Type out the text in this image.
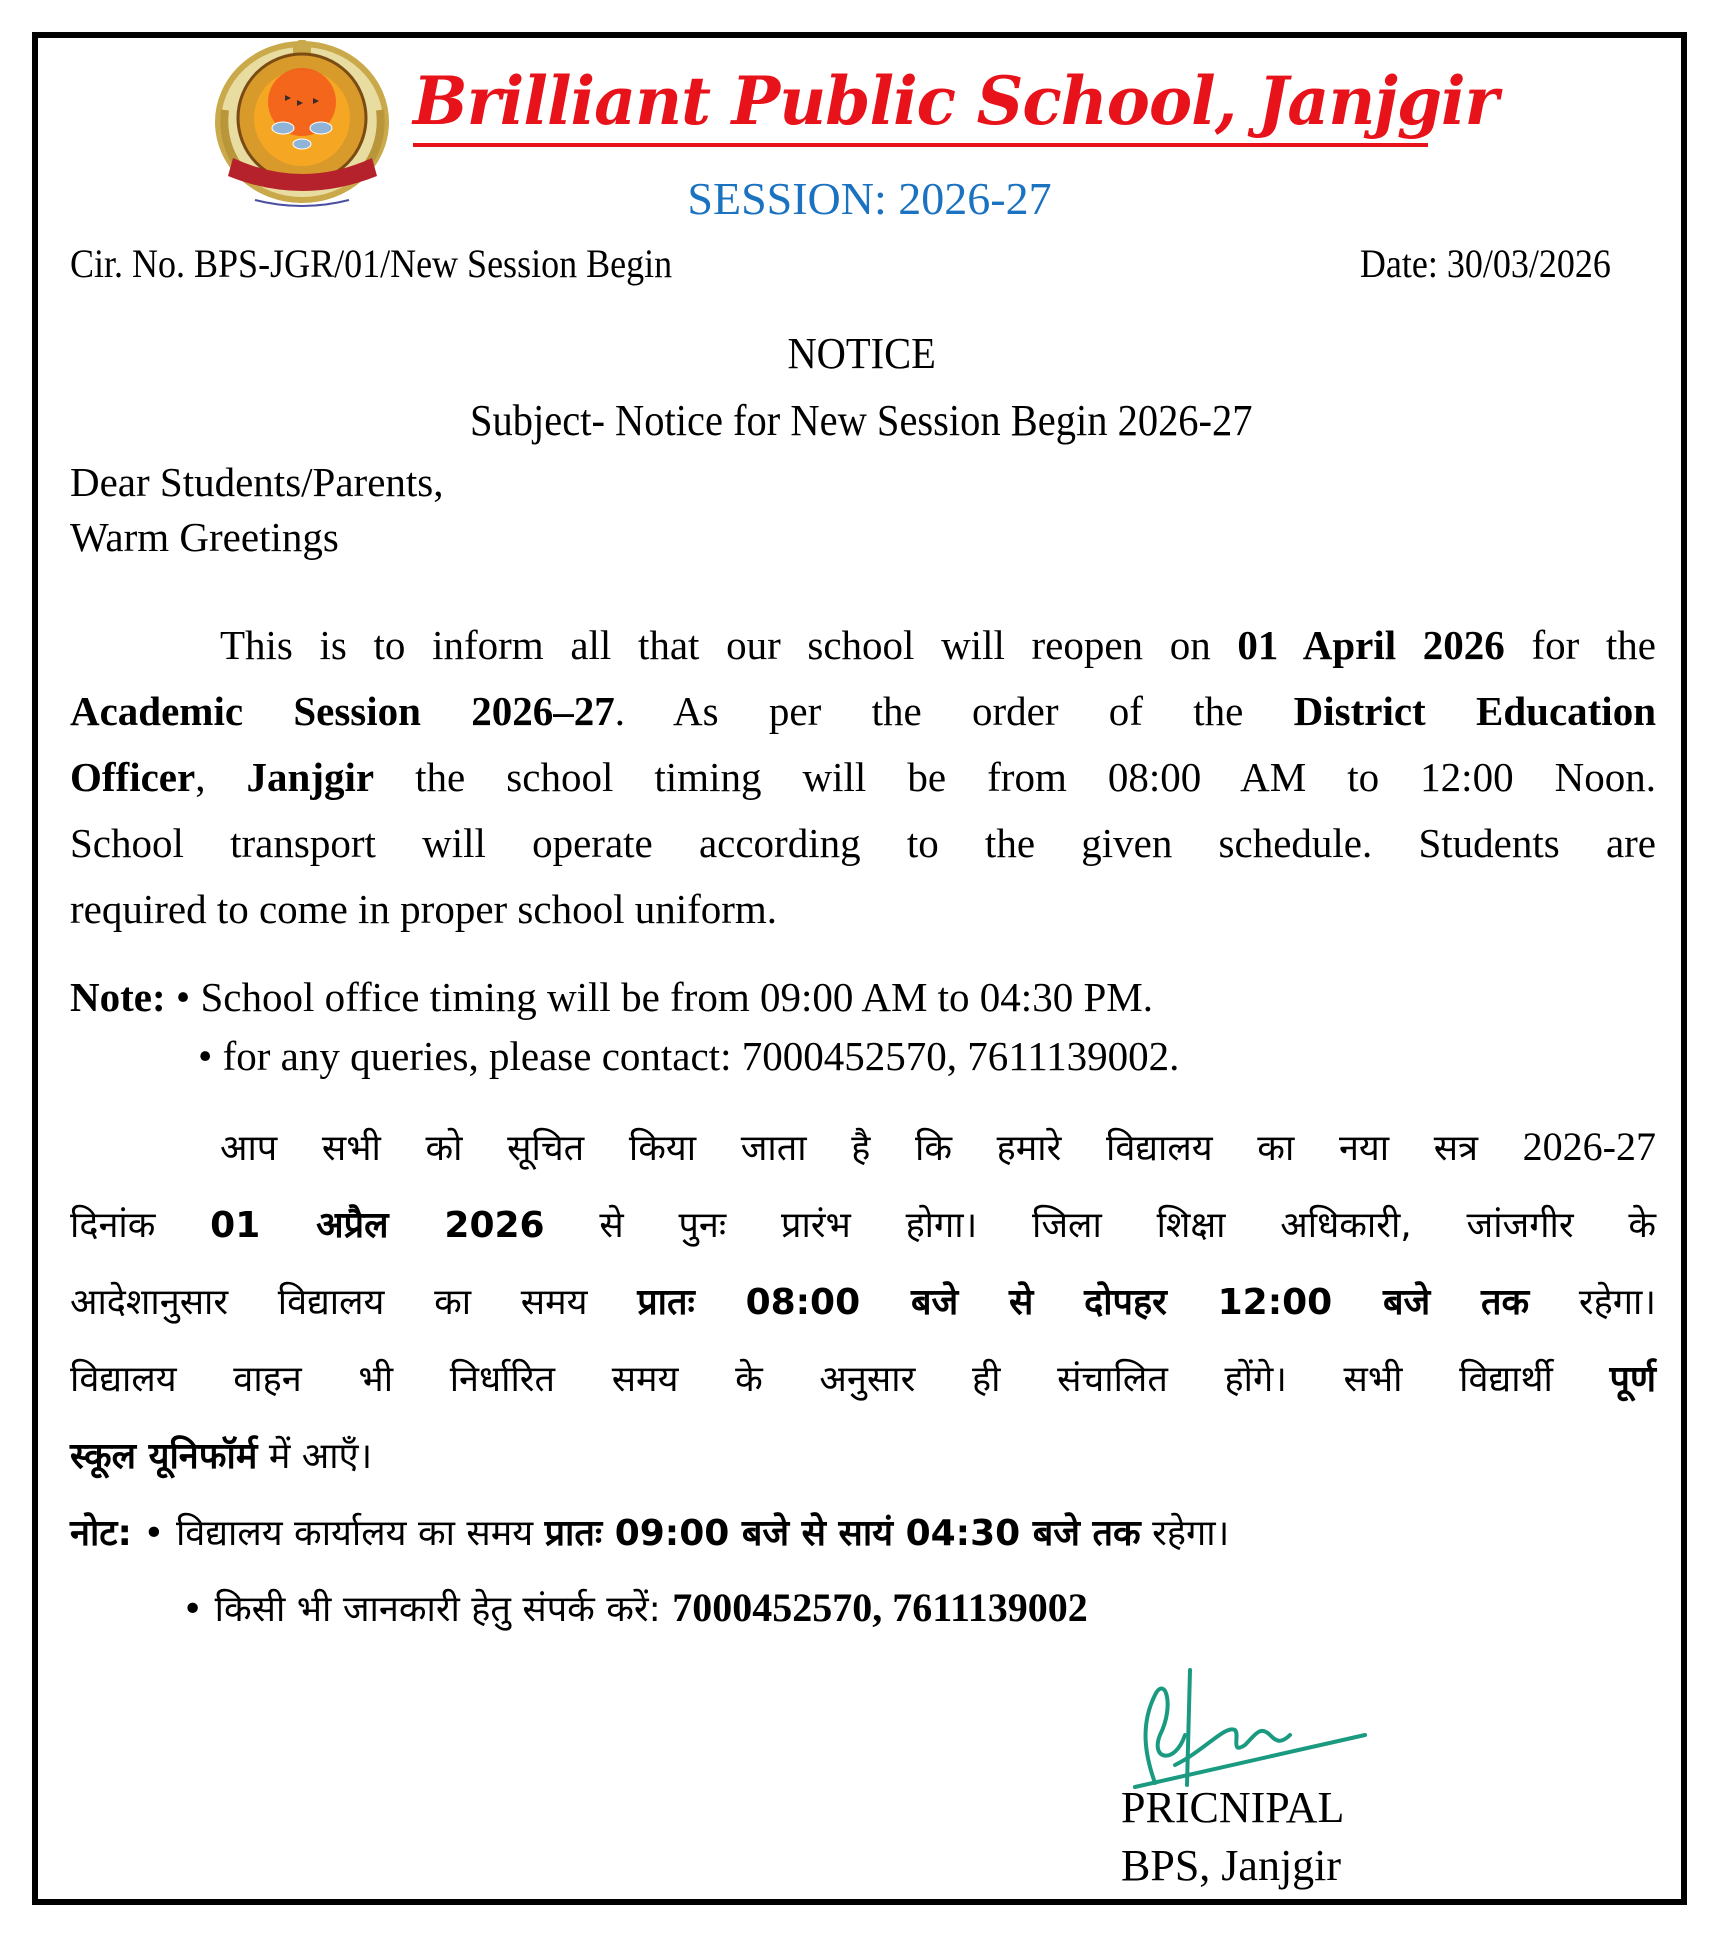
Brilliant Public School, Janjgir
SESSION: 2026-27
Cir. No. BPS-JGR/01/New Session Begin	Date: 30/03/2026
NOTICE
Subject- Notice for New Session Begin 2026-27
Dear Students/Parents,
Warm Greetings
This is to inform all that our school will reopen on 01 April 2026 for the
Academic Session 2026–27. As per the order of the District Education
Officer, Janjgir the school timing will be from 08:00 AM to 12:00 Noon.
School transport will operate according to the given schedule. Students are
required to come in proper school uniform.
Note: • School office timing will be from 09:00 AM to 04:30 PM.
• for any queries, please contact: 7000452570, 7611139002.
आप सभी को सूचित किया जाता है कि हमारे विद्यालय का नया सत्र 2026-27
दिनांक 01 अप्रैल 2026 से पुनः प्रारंभ होगा। जिला शिक्षा अधिकारी, जांजगीर के
आदेशानुसार विद्यालय का समय प्रातः 08:00 बजे से दोपहर 12:00 बजे तक रहेगा।
विद्यालय वाहन भी निर्धारित समय के अनुसार ही संचालित होंगे। सभी विद्यार्थी पूर्ण
स्कूल यूनिफॉर्म में आएँ।
नोट: • विद्यालय कार्यालय का समय प्रातः 09:00 बजे से सायं 04:30 बजे तक रहेगा।
• किसी भी जानकारी हेतु संपर्क करें: 7000452570, 7611139002
PRICNIPAL
BPS, Janjgir
